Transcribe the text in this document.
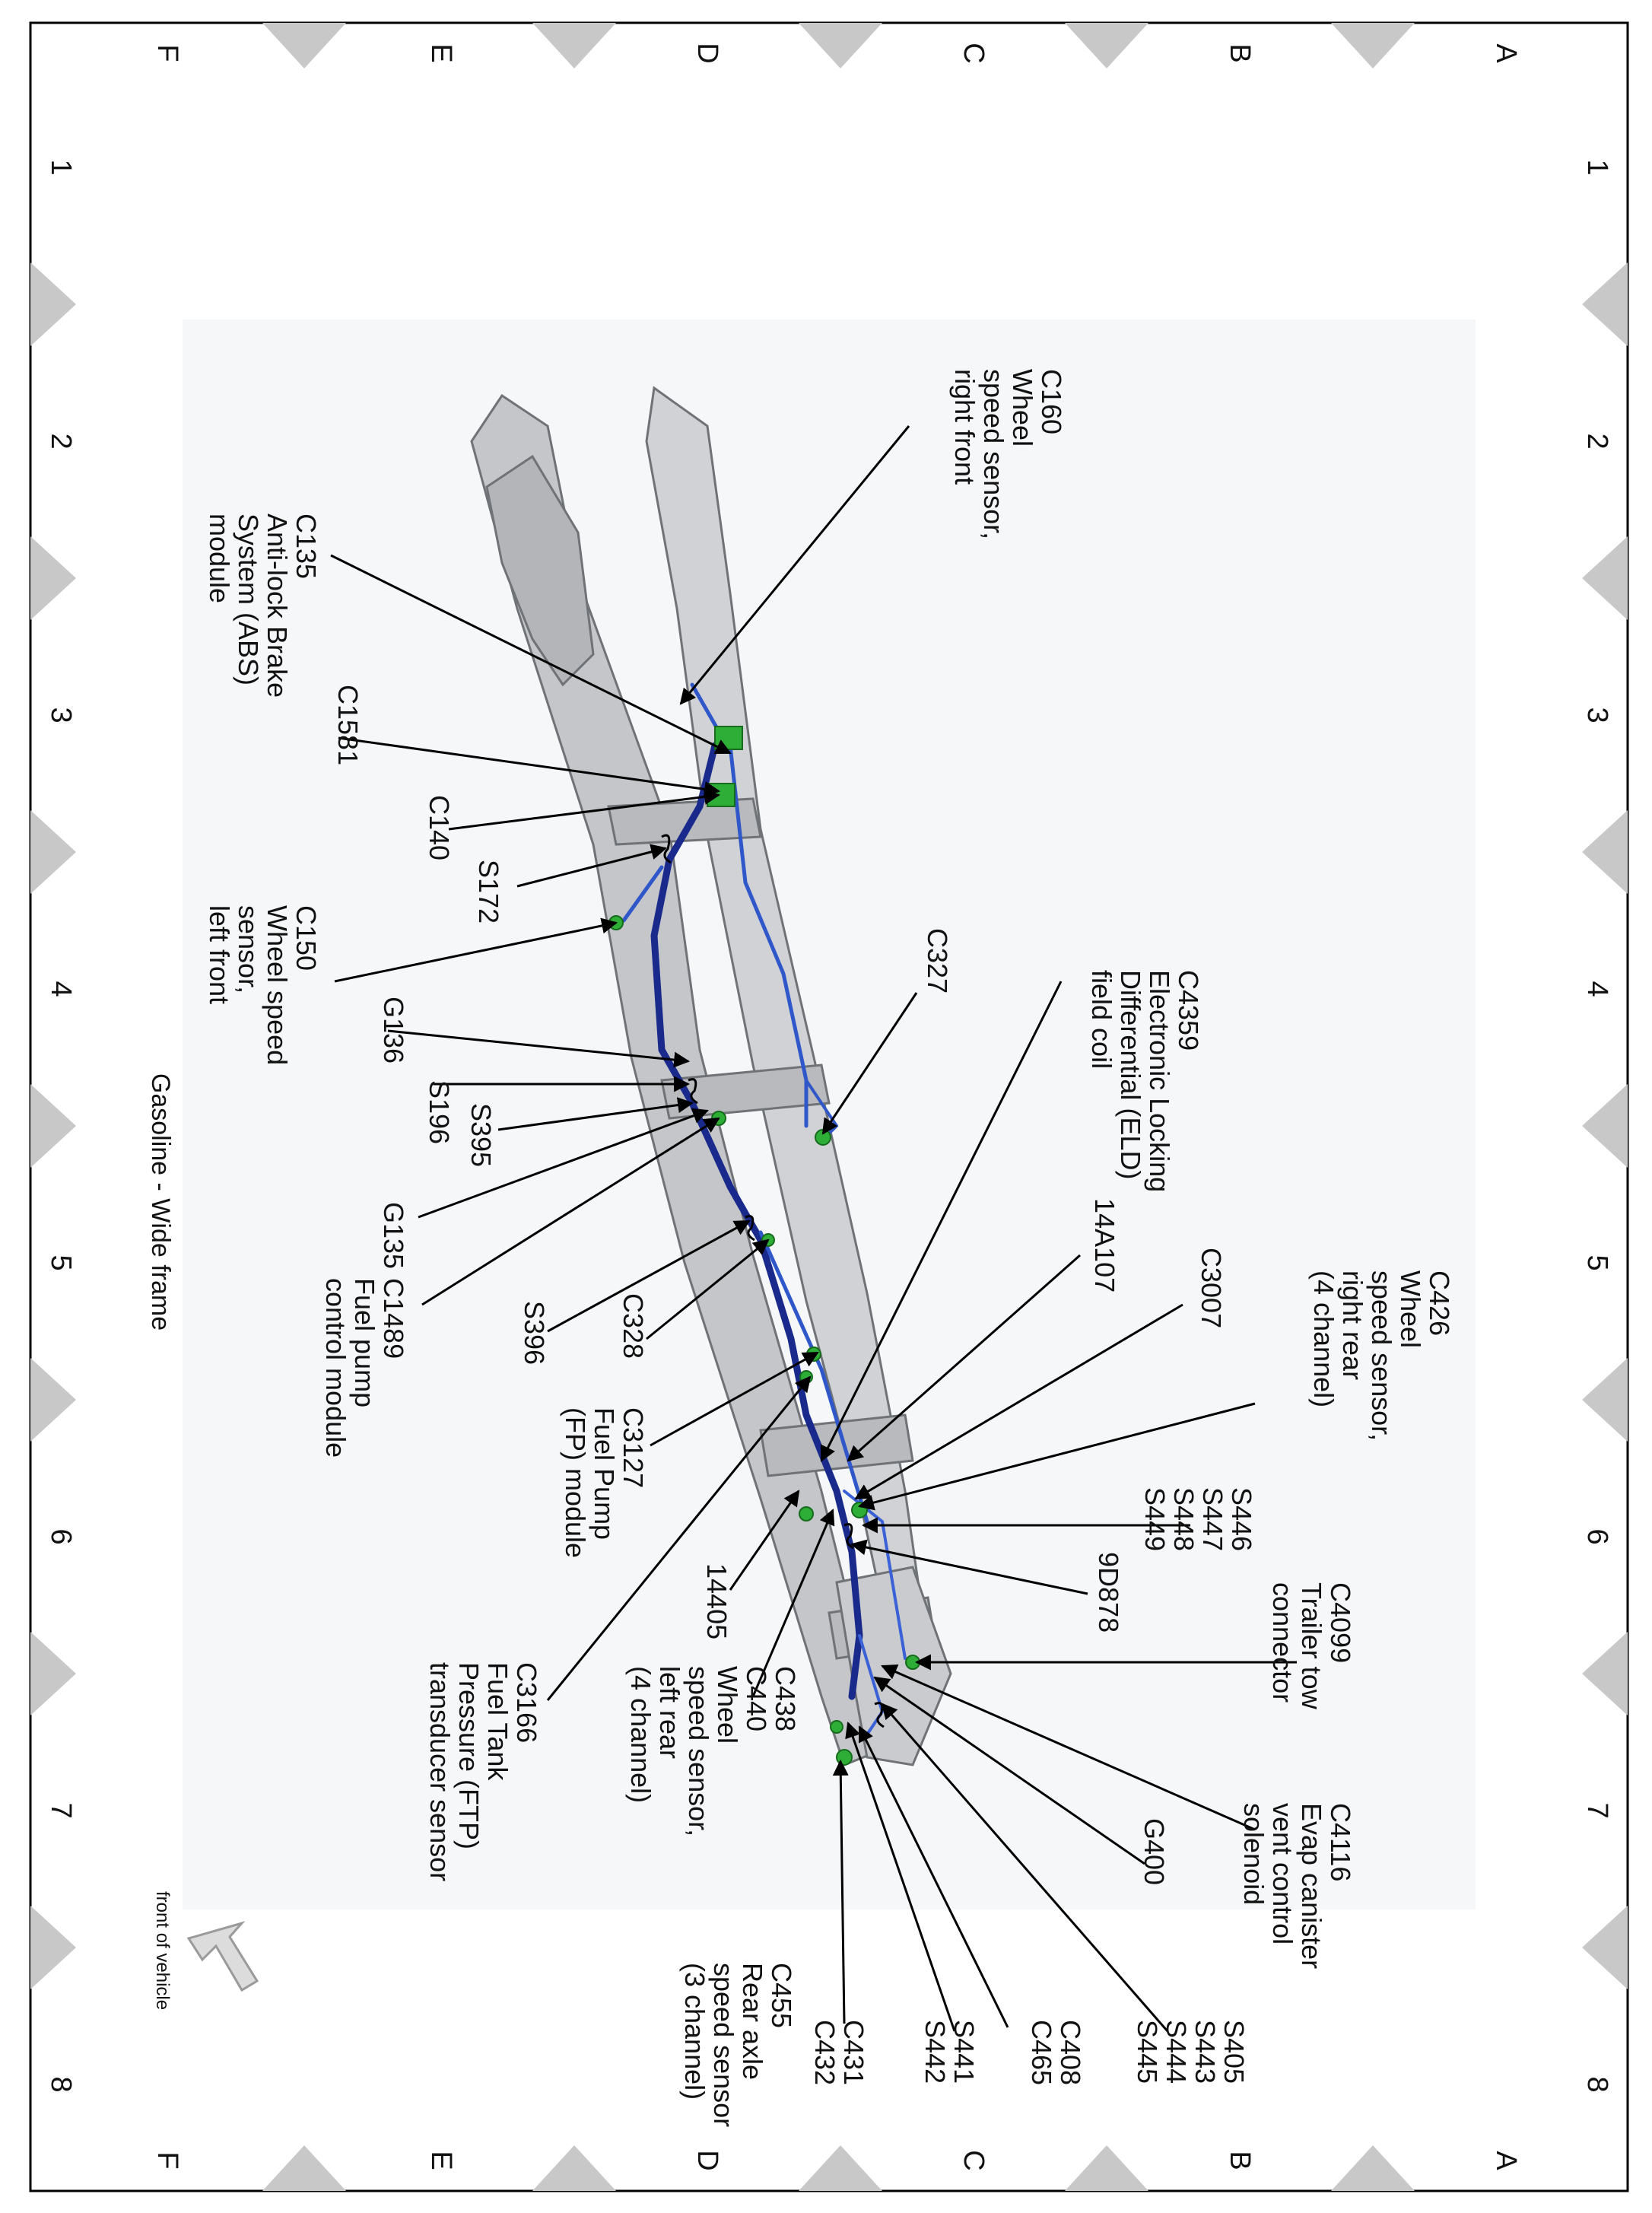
F
F
E
E
D
D
C
C
B
B
A
A
1	1
2	2
3	3
4	4
5	5
6	6
7	7
8	8
C160
Wheel
speed sensor,
right front
C135
Anti-lock Brake
System (ABS)
module
C1581
C140
S172
C150
Wheel speed
sensor,
left front
C4359
Electronic Locking
Differential (ELD)
field coil
C327
G136
S196 S395
G135
C1489
Fuel pump
control module	S396 C328
C3127
Fuel Pump
(FP) module
C3166
Fuel Tank
Pressure (FTP)
transducer sensor
14405
C438
C440
Wheel
speed sensor,
left rear
(4 channel)
C455
Rear axle
speed sensor
(3 channel)	C431
C432	S441
S442	C408
C465	S405
S443
S444
S445
G400	C4116
Evap canister
vent control
solenoid
C4099
Trailer tow
connector
9D878
S446
S447
S448
S449
C3007
14A107
C426
Wheel
speed sensor,
right rear
(4 channel)
Gasoline - Wide frame
front of vehicle
